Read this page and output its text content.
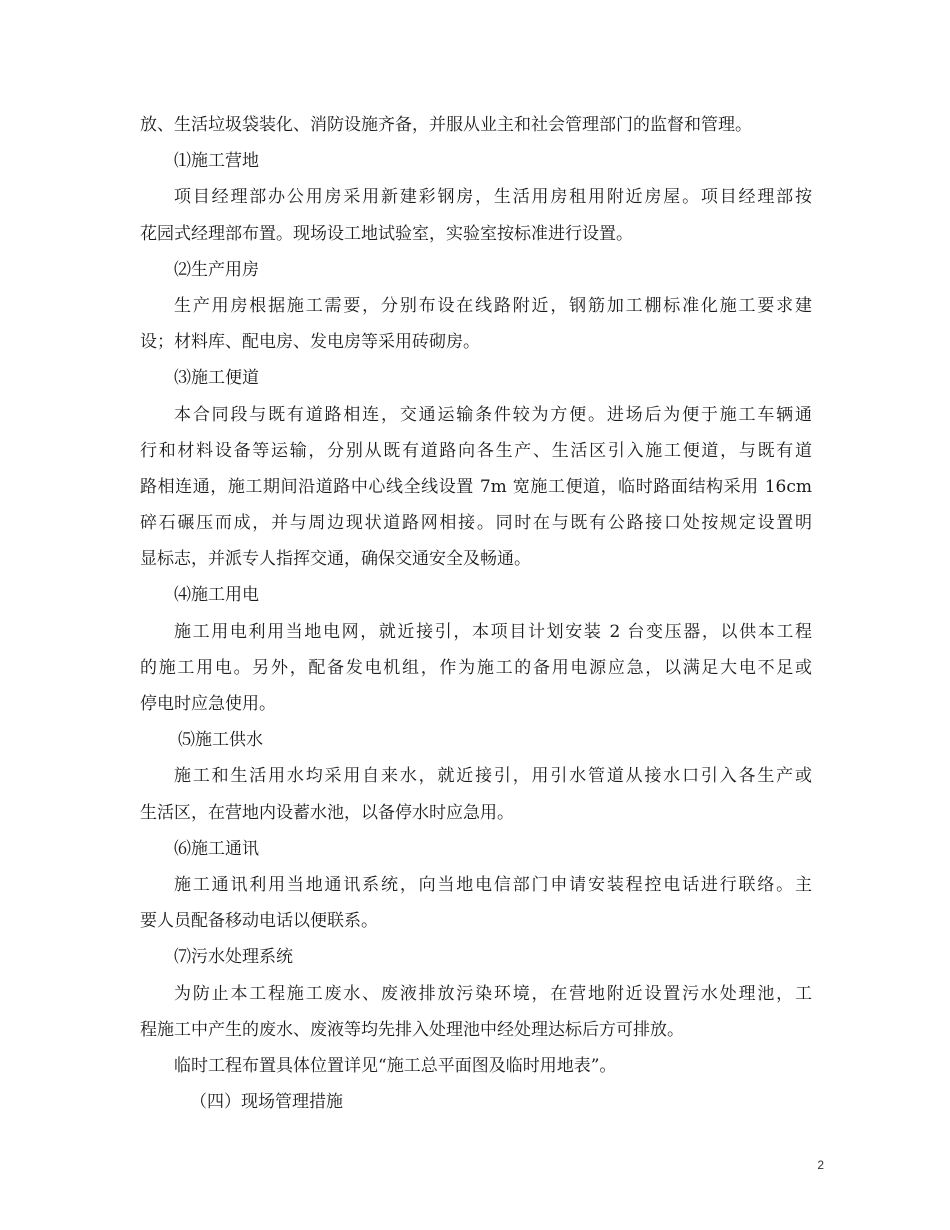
放、生活垃圾袋装化、消防设施齐备，并服从业主和社会管理部门的监督和管理。
⑴施工营地
项目经理部办公用房采用新建彩钢房，生活用房租用附近房屋。项目经理部按
花园式经理部布置。现场设工地试验室，实验室按标准进行设置。
⑵生产用房
生产用房根据施工需要，分别布设在线路附近，钢筋加工棚标准化施工要求建
设；材料库、配电房、发电房等采用砖砌房。
⑶施工便道
本合同段与既有道路相连，交通运输条件较为方便。进场后为便于施工车辆通
行和材料设备等运输，分别从既有道路向各生产、生活区引入施工便道，与既有道
路相连通，施工期间沿道路中心线全线设置 7m 宽施工便道，临时路面结构采用 16cm
碎石碾压而成，并与周边现状道路网相接。同时在与既有公路接口处按规定设置明
显标志，并派专人指挥交通，确保交通安全及畅通。
⑷施工用电
施工用电利用当地电网，就近接引，本项目计划安装 2 台变压器，以供本工程
的施工用电。另外，配备发电机组，作为施工的备用电源应急，以满足大电不足或
停电时应急使用。
⑸施工供水
施工和生活用水均采用自来水，就近接引，用引水管道从接水口引入各生产或
生活区，在营地内设蓄水池，以备停水时应急用。
⑹施工通讯
施工通讯利用当地通讯系统，向当地电信部门申请安装程控电话进行联络。主
要人员配备移动电话以便联系。
⑺污水处理系统
为防止本工程施工废水、废液排放污染环境，在营地附近设置污水处理池，工
程施工中产生的废水、废液等均先排入处理池中经处理达标后方可排放。
临时工程布置具体位置详见“施工总平面图及临时用地表”。
（四）现场管理措施
2
